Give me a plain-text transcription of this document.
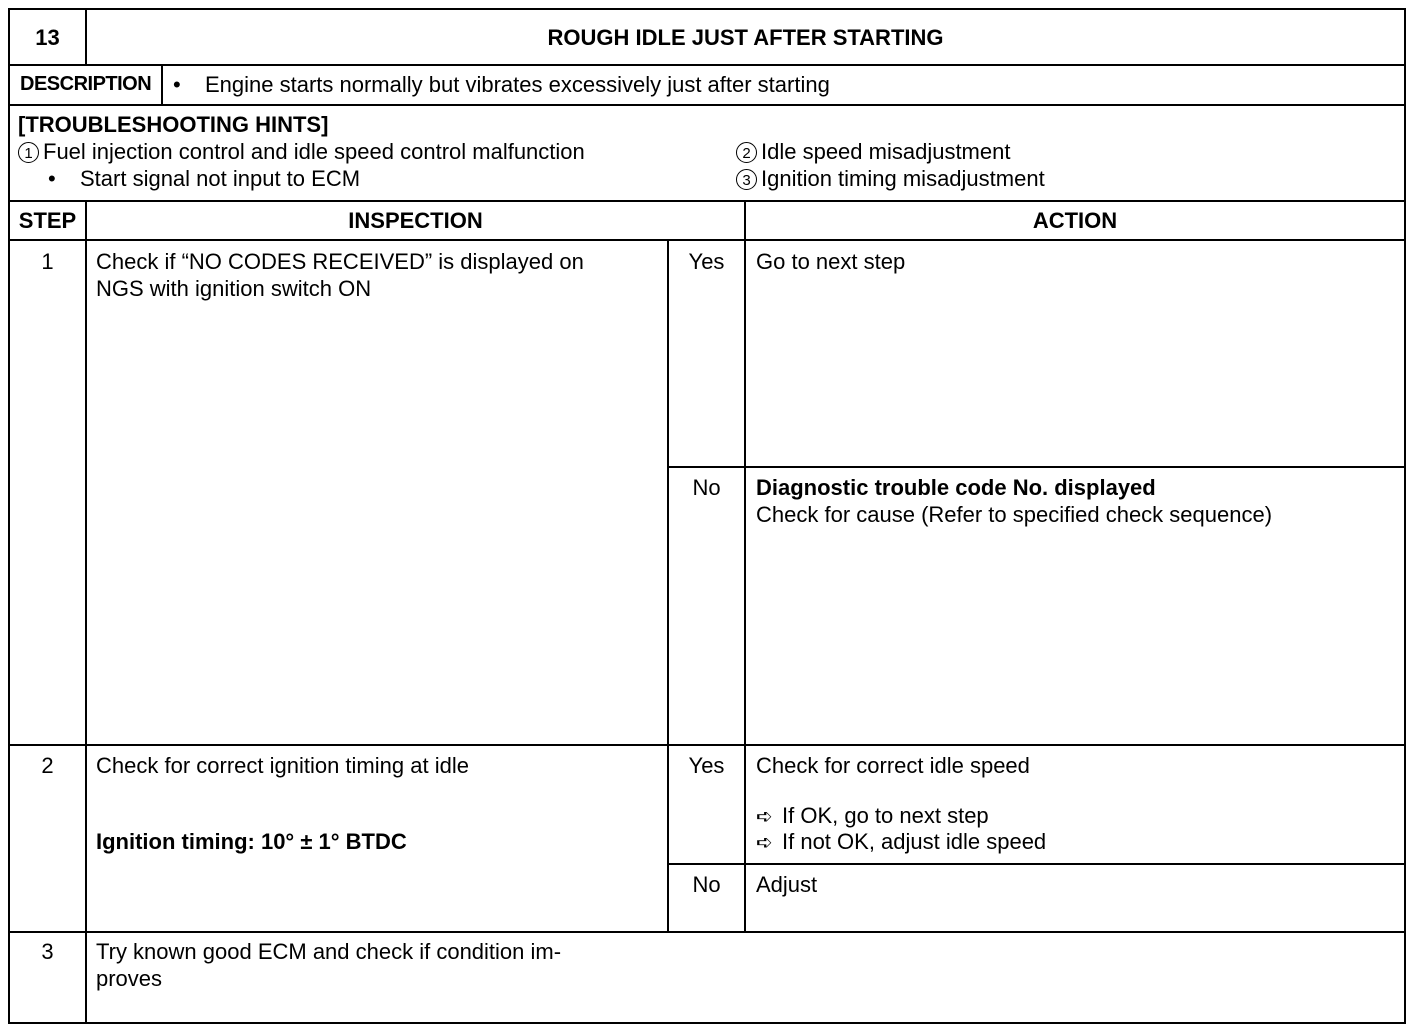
13	ROUGH IDLE JUST AFTER STARTING
DESCRIPTION • Engine starts normally but vibrates excessively just after starting
[TROUBLESHOOTING HINTS]
1 Fuel injection control and idle speed control malfunction
• Start signal not input to ECM
2 Idle speed misadjustment
3 Ignition timing misadjustment
STEP	INSPECTION	ACTION
1	Check if “NO CODES RECEIVED” is displayed on
NGS with ignition switch ON
Yes	Go to next step
No	Diagnostic trouble code No. displayed
Check for cause (Refer to specified check sequence)
2	Check for correct ignition timing at idle
Ignition timing: 10° ± 1° BTDC
Yes	Check for correct idle speed
➪ If OK, go to next step
➪ If not OK, adjust idle speed
No	Adjust
3	Try known good ECM and check if condition im-
proves
